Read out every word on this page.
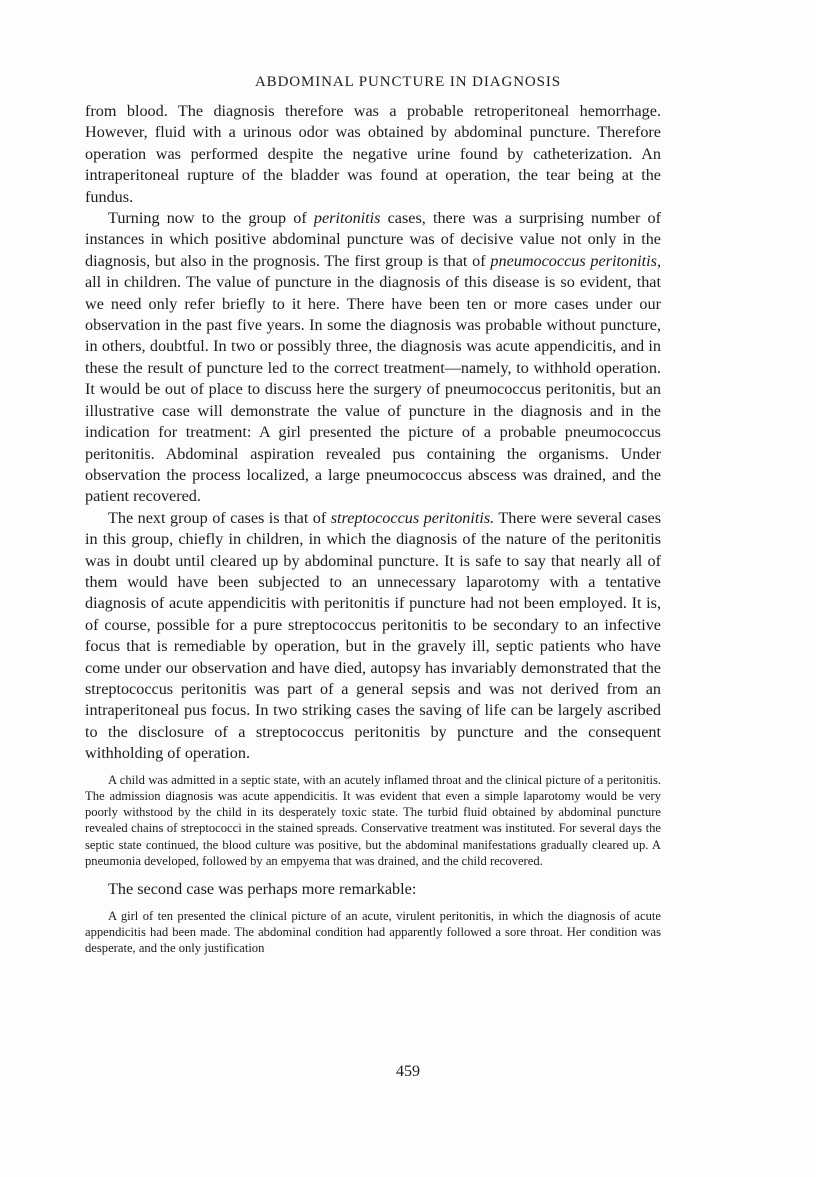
ABDOMINAL PUNCTURE IN DIAGNOSIS

from blood. The diagnosis therefore was a probable retroperitoneal hemorrhage. However, fluid with a urinous odor was obtained by abdominal puncture. Therefore operation was performed despite the negative urine found by catheterization. An intraperitoneal rupture of the bladder was found at operation, the tear being at the fundus.

Turning now to the group of peritonitis cases, there was a surprising number of instances in which positive abdominal puncture was of decisive value not only in the diagnosis, but also in the prognosis. The first group is that of pneumococcus peritonitis, all in children. The value of puncture in the diagnosis of this disease is so evident, that we need only refer briefly to it here. There have been ten or more cases under our observation in the past five years. In some the diagnosis was probable without puncture, in others, doubtful. In two or possibly three, the diagnosis was acute appendicitis, and in these the result of puncture led to the correct treatment—namely, to withhold operation. It would be out of place to discuss here the surgery of pneumococcus peritonitis, but an illustrative case will demonstrate the value of puncture in the diagnosis and in the indication for treatment: A girl presented the picture of a probable pneumococcus peritonitis. Abdominal aspiration revealed pus containing the organisms. Under observation the process localized, a large pneumococcus abscess was drained, and the patient recovered.

The next group of cases is that of streptococcus peritonitis. There were several cases in this group, chiefly in children, in which the diagnosis of the nature of the peritonitis was in doubt until cleared up by abdominal puncture. It is safe to say that nearly all of them would have been subjected to an unnecessary laparotomy with a tentative diagnosis of acute appendicitis with peritonitis if puncture had not been employed. It is, of course, possible for a pure streptococcus peritonitis to be secondary to an infective focus that is remediable by operation, but in the gravely ill, septic patients who have come under our observation and have died, autopsy has invariably demonstrated that the streptococcus peritonitis was part of a general sepsis and was not derived from an intraperitoneal pus focus. In two striking cases the saving of life can be largely ascribed to the disclosure of a streptococcus peritonitis by puncture and the consequent withholding of operation.

A child was admitted in a septic state, with an acutely inflamed throat and the clinical picture of a peritonitis. The admission diagnosis was acute appendicitis. It was evident that even a simple laparotomy would be very poorly withstood by the child in its desperately toxic state. The turbid fluid obtained by abdominal puncture revealed chains of streptococci in the stained spreads. Conservative treatment was instituted. For several days the septic state continued, the blood culture was positive, but the abdominal manifestations gradually cleared up. A pneumonia developed, followed by an empyema that was drained, and the child recovered.

The second case was perhaps more remarkable:

A girl of ten presented the clinical picture of an acute, virulent peritonitis, in which the diagnosis of acute appendicitis had been made. The abdominal condition had apparently followed a sore throat. Her condition was desperate, and the only justification

459
